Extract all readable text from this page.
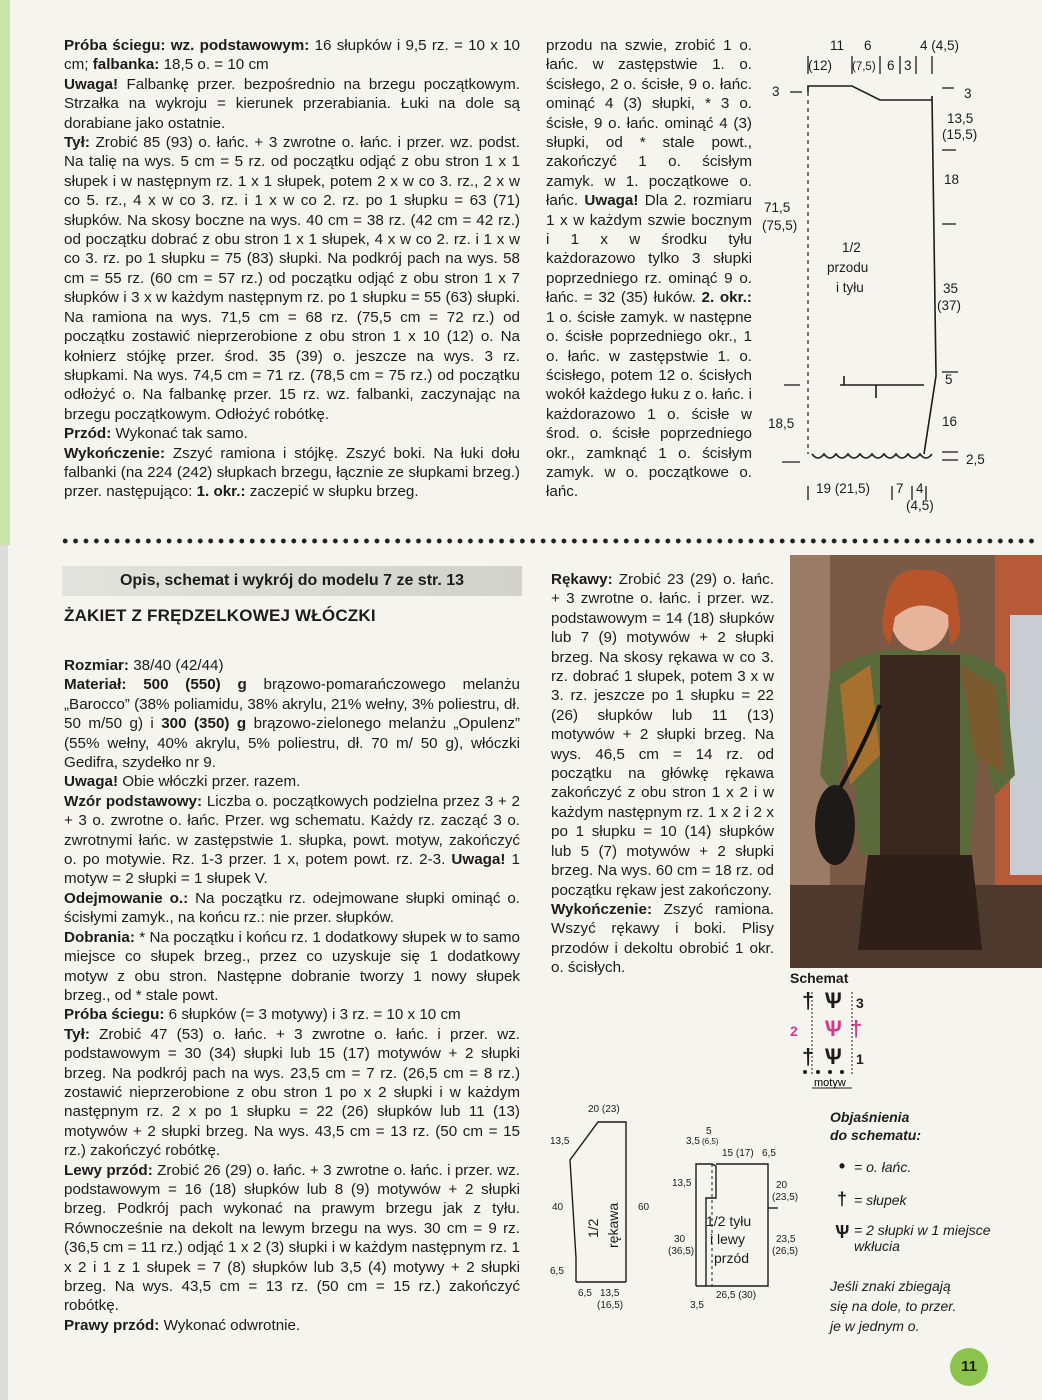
Próba ściegu: wz. podstawowym: 16 słupków i 9,5 rz. = 10 x 10 cm; falbanka: 18,5 o. = 10 cm

Uwaga! Falbankę przer. bezpośrednio na brzegu początkowym. Strzałka na wykroju = kierunek przerabiania. Łuki na dole są dorabiane jako ostatnie.

Tył: Zrobić 85 (93) o. łańc. + 3 zwrotne o. łańc. i przer. wz. podst. Na talię na wys. 5 cm = 5 rz. od początku odjąć z obu stron 1 x 1 słupek i w następnym rz. 1 x 1 słupek, potem 2 x w co 3. rz., 2 x w co 5. rz., 4 x w co 3. rz. i 1 x w co 2. rz. po 1 słupku = 63 (71) słupków. Na skosy boczne na wys. 40 cm = 38 rz. (42 cm = 42 rz.) od początku dobrać z obu stron 1 x 1 słupek, 4 x w co 2. rz. i 1 x w co 3. rz. po 1 słupku = 75 (83) słupki. Na podkrój pach na wys. 58 cm = 55 rz. (60 cm = 57 rz.) od początku odjąć z obu stron 1 x 7 słupków i 3 x w każdym następnym rz. po 1 słupku = 55 (63) słupki. Na ramiona na wys. 71,5 cm = 68 rz. (75,5 cm = 72 rz.) od początku zostawić nieprzerobione z obu stron 1 x 10 (12) o. Na kołnierz stójkę przer. środ. 35 (39) o. jeszcze na wys. 3 rz. słupkami. Na wys. 74,5 cm = 71 rz. (78,5 cm = 75 rz.) od początku odłożyć o. Na falbankę przer. 15 rz. wz. falbanki, zaczynając na brzegu początkowym. Odłożyć robótkę.

Przód: Wykonać tak samo.

Wykończenie: Zszyć ramiona i stójkę. Zszyć boki. Na łuki dołu falbanki (na 224 (242) słupkach brzegu, łącznie ze słupkami brzeg.) przer. następująco: 1. okr.: zaczepić w słupku brzeg.

przodu na szwie, zrobić 1 o. łańc. w zastępstwie 1. o. ścisłego, 2 o. ścisłe, 9 o. łańc. ominąć 4 (3) słupki, * 3 o. ścisłe, 9 o. łańc. ominąć 4 (3) słupki, od * stale powt., zakończyć 1 o. ścisłym zamyk. w 1. początkowe o. łańc. Uwaga! Dla 2. rozmiaru 1 x w każdym szwie bocznym i 1 x w środku tyłu każdorazowo tylko 3 słupki poprzedniego rz. ominąć 9 o. łańc. = 32 (35) łuków. 2. okr.: 1 o. ścisłe zamyk. w następne o. ścisłe poprzedniego okr., 1 o. łańc. w zastępstwie 1. o. ścisłego, potem 12 o. ścisłych wokół każdego łuku z o. łańc. i każdorazowo 1 o. ścisłe w środ. o. ścisłe poprzedniego okr., zamknąć 1 o. ścisłym zamyk. w o. początkowe o. łańc.

11 6	4 (4,5)
(12) (7,5) 6 3
3	3
13,5
(15,5)
18
71,5
(75,5)
1/2
przodu
i tyłu	35
(37)
5
18,5	16
2,5
19 (21,5) 7 4
(4,5)
Opis, schemat i wykrój do modelu 7 ze str. 13
ŻAKIET Z FRĘDZELKOWEJ WŁÓCZKI

Rozmiar: 38/40 (42/44)

Materiał: 500 (550) g brązowo-pomarańczowego melanżu „Barocco” (38% poliamidu, 38% akrylu, 21% wełny, 3% poliestru, dł. 50 m/50 g) i 300 (350) g brązowo-zielonego melanżu „Opulenz” (55% wełny, 40% akrylu, 5% poliestru, dł. 70 m/ 50 g), włóczki Gedifra, szydełko nr 9.

Uwaga! Obie włóczki przer. razem.

Wzór podstawowy: Liczba o. początkowych podzielna przez 3 + 2 + 3 o. zwrotne o. łańc. Przer. wg schematu. Każdy rz. zacząć 3 o. zwrotnymi łańc. w zastępstwie 1. słupka, powt. motyw, zakończyć o. po motywie. Rz. 1-3 przer. 1 x, potem powt. rz. 2-3. Uwaga! 1 motyw = 2 słupki = 1 słupek V.

Odejmowanie o.: Na początku rz. odejmowane słupki ominąć o. ścisłymi zamyk., na końcu rz.: nie przer. słupków.

Dobrania: * Na początku i końcu rz. 1 dodatkowy słupek w to samo miejsce co słupek brzeg., przez co uzyskuje się 1 dodatkowy motyw z obu stron. Następne dobranie tworzy 1 nowy słupek brzeg., od * stale powt.

Próba ściegu: 6 słupków (= 3 motywy) i 3 rz. = 10 x 10 cm

Tył: Zrobić 47 (53) o. łańc. + 3 zwrotne o. łańc. i przer. wz. podstawowym = 30 (34) słupki lub 15 (17) motywów + 2 słupki brzeg. Na podkrój pach na wys. 23,5 cm = 7 rz. (26,5 cm = 8 rz.) zostawić nieprzerobione z obu stron 1 po x 2 słupki i w każdym następnym rz. 2 x po 1 słupku = 22 (26) słupków lub 11 (13) motywów + 2 słupki brzeg. Na wys. 43,5 cm = 13 rz. (50 cm = 15 rz.) zakończyć robótkę.

Lewy przód: Zrobić 26 (29) o. łańc. + 3 zwrotne o. łańc. i przer. wz. podstawowym = 16 (18) słupków lub 8 (9) motywów + 2 słupki brzeg. Podkrój pach wykonać na prawym brzegu jak z tyłu. Równocześnie na dekolt na lewym brzegu na wys. 30 cm = 9 rz. (36,5 cm = 11 rz.) odjąć 1 x 2 (3) słupki i w każdym następnym rz. 1 x 2 i 1 z 1 słupek = 7 (8) słupków lub 3,5 (4) motywy + 2 słupki brzeg. Na wys. 43,5 cm = 13 rz. (50 cm = 15 rz.) zakończyć robótkę.

Prawy przód: Wykonać odwrotnie.

Rękawy: Zrobić 23 (29) o. łańc. + 3 zwrotne o. łańc. i przer. wz. podstawowym = 14 (18) słupków lub 7 (9) motywów + 2 słupki brzeg. Na skosy rękawa w co 3. rz. dobrać 1 słupek, potem 3 x w 3. rz. jeszcze po 1 słupku = 22 (26) słupków lub 11 (13) motywów + 2 słupki brzeg. Na wys. 46,5 cm = 14 rz. od początku na główkę rękawa zakończyć z obu stron 1 x 2 i w każdym następnym rz. 1 x 2 i 2 x po 1 słupku = 10 (14) słupków lub 5 (7) motywów + 2 słupki brzeg. Na wys. 60 cm = 18 rz. od początku rękaw jest zakończony.

Wykończenie: Zszyć ramiona. Wszyć rękawy i boki. Plisy przodów i dekoltu obrobić 1 okr. o. ścisłych.

Schemat
† Ѱ 3
2 Ѱ †
† Ѱ 1
motyw
Objaśnienia
do schematu:
• = o. łańc.
† = słupek
Ѱ = 2 słupki w 1 miejsce
wkłucia
Jeśli znaki zbiegają
się na dole, to przer.
je w jednym o.
20 (23)
13,5
40
6,5
60
6,5 13,5
(16,5)
5
3,5 (6,5)
15 (17) 6,5
13,5	20
(23,5)
30
(36,5)
23,5
(26,5)
26,5 (30)
3,5
1/2 rękawa	1/2 tyłu
i lewy
przód
11
